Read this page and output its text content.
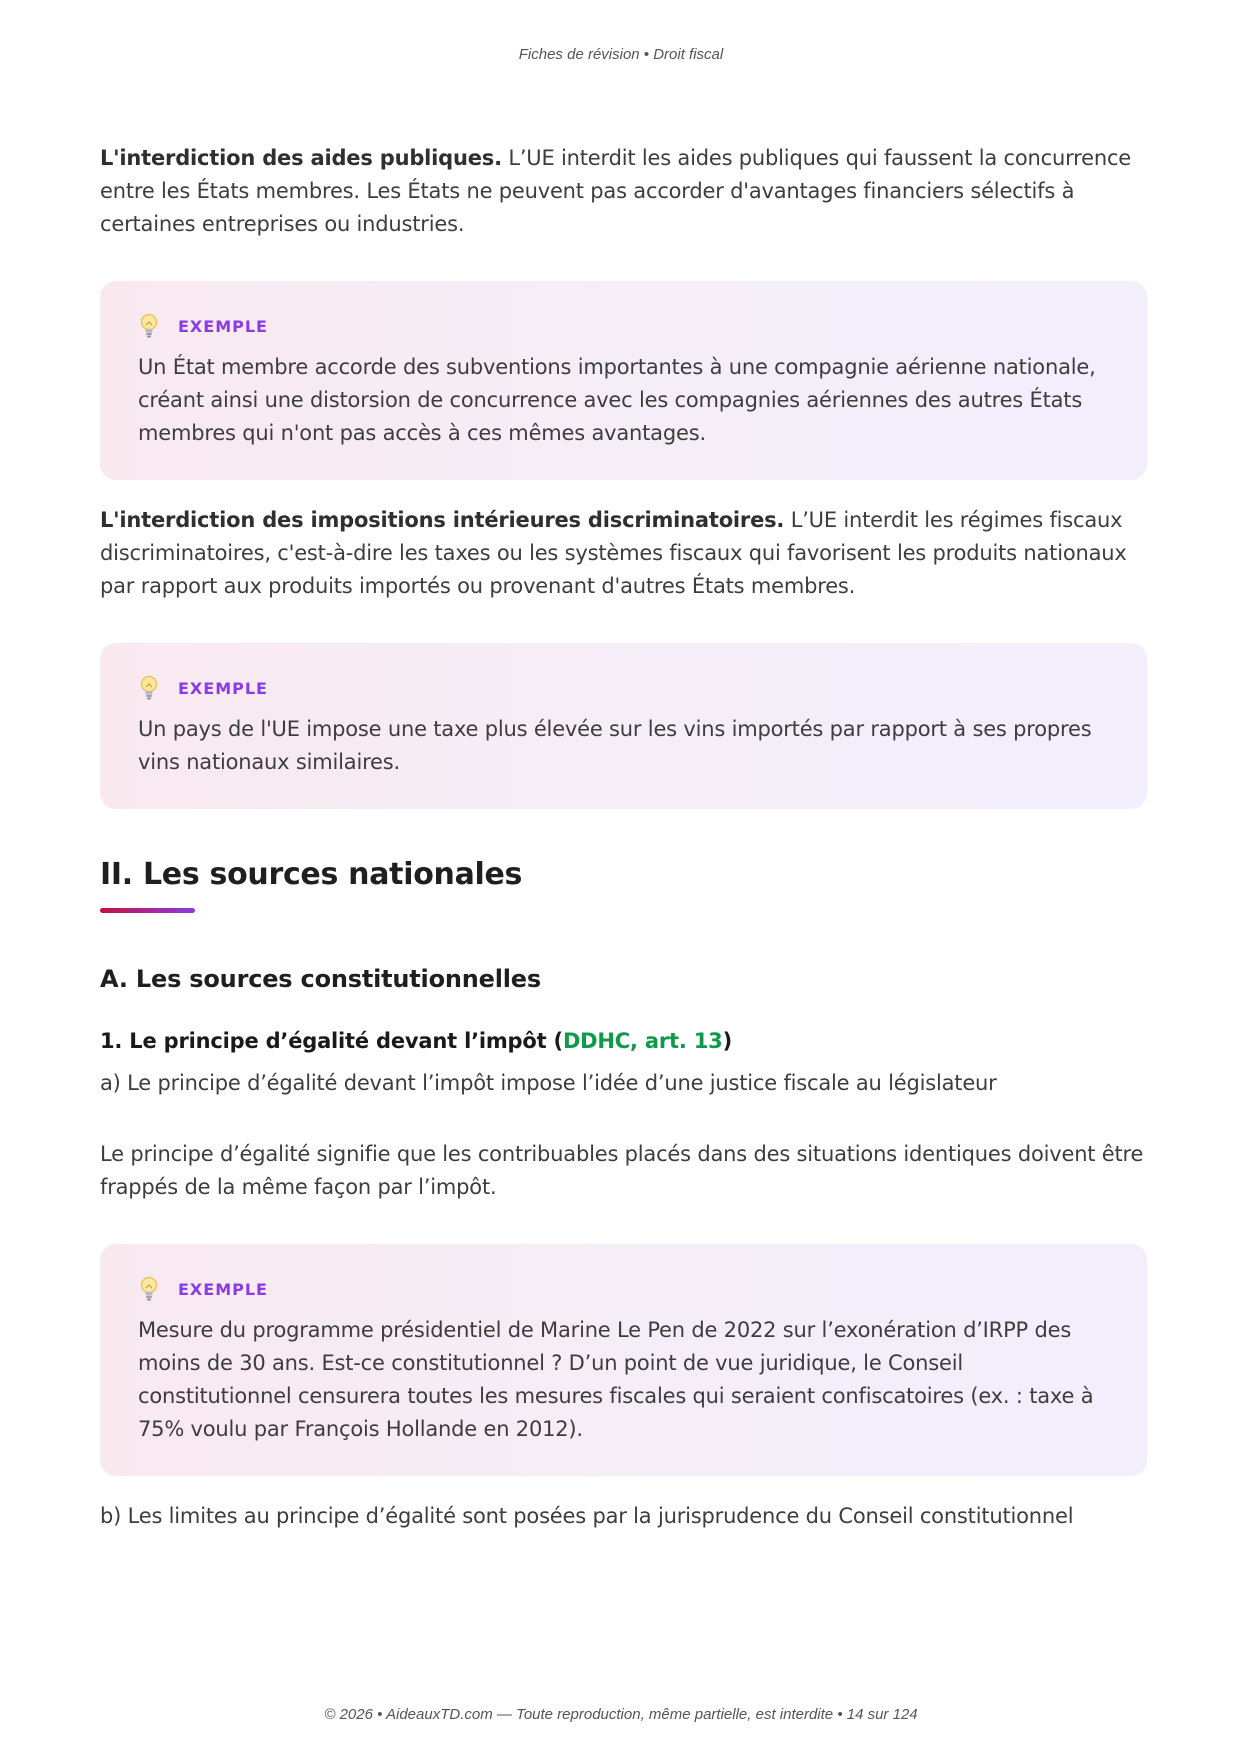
Fiches de révision • Droit fiscal

L'interdiction des aides publiques. L’UE interdit les aides publiques qui faussent la concurrence entre les États membres. Les États ne peuvent pas accorder d'avantages financiers sélectifs à certaines entreprises ou industries.

EXEMPLE

Un État membre accorde des subventions importantes à une compagnie aérienne nationale, créant ainsi une distorsion de concurrence avec les compagnies aériennes des autres États membres qui n'ont pas accès à ces mêmes avantages.

L'interdiction des impositions intérieures discriminatoires. L’UE interdit les régimes fiscaux discriminatoires, c'est-à-dire les taxes ou les systèmes fiscaux qui favorisent les produits nationaux par rapport aux produits importés ou provenant d'autres États membres.

EXEMPLE

Un pays de l'UE impose une taxe plus élevée sur les vins importés par rapport à ses propres vins nationaux similaires.

II. Les sources nationales
A. Les sources constitutionnelles
1. Le principe d’égalité devant l’impôt (DDHC, art. 13)

a) Le principe d’égalité devant l’impôt impose l’idée d’une justice fiscale au législateur

Le principe d’égalité signifie que les contribuables placés dans des situations identiques doivent être frappés de la même façon par l’impôt.

EXEMPLE

Mesure du programme présidentiel de Marine Le Pen de 2022 sur l’exonération d’IRPP des moins de 30 ans. Est-ce constitutionnel ? D’un point de vue juridique, le Conseil constitutionnel censurera toutes les mesures fiscales qui seraient confiscatoires (ex. : taxe à 75% voulu par François Hollande en 2012).

b) Les limites au principe d’égalité sont posées par la jurisprudence du Conseil constitutionnel

© 2026 • AideauxTD.com — Toute reproduction, même partielle, est interdite • 14 sur 124
